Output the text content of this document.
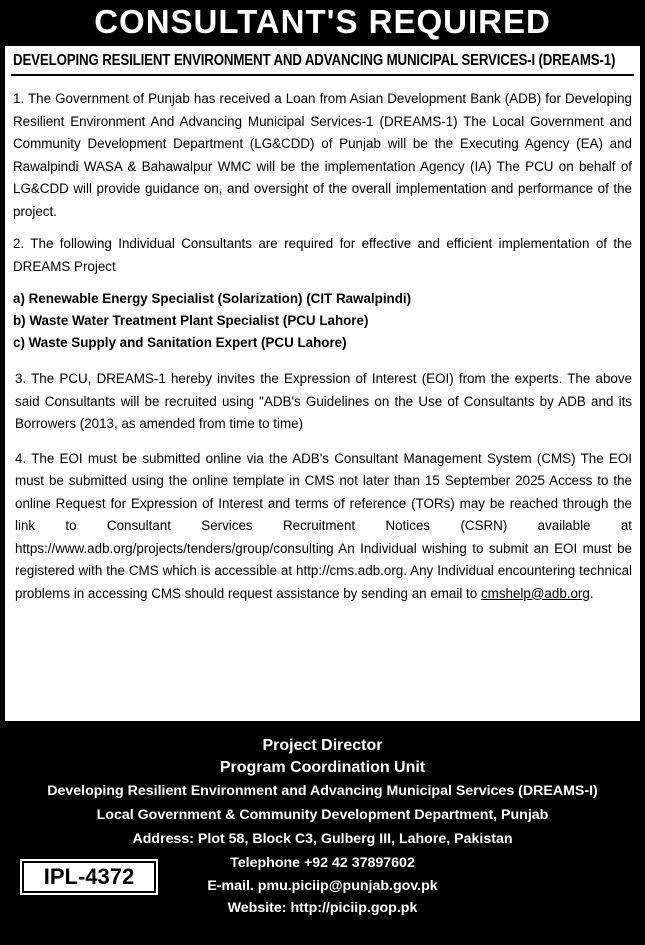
CONSULTANT'S REQUIRED
DEVELOPING RESILIENT ENVIRONMENT AND ADVANCING MUNICIPAL SERVICES-I (DREAMS-1)
1. The Government of Punjab has received a Loan from Asian Development Bank (ADB) for Developing Resilient Environment And Advancing Municipal Services-1 (DREAMS-1) The Local Government and Community Development Department (LG&CDD) of Punjab will be the Executing Agency (EA) and Rawalpindi WASA & Bahawalpur WMC will be the implementation Agency (IA) The PCU on behalf of LG&CDD will provide guidance on, and oversight of the overall implementation and performance of the project.
2. The following Individual Consultants are required for effective and efficient implementation of the DREAMS Project
a) Renewable Energy Specialist (Solarization) (CIT Rawalpindi)
b) Waste Water Treatment Plant Specialist (PCU Lahore)
c) Waste Supply and Sanitation Expert (PCU Lahore)
3. The PCU, DREAMS-1 hereby invites the Expression of Interest (EOI) from the experts. The above said Consultants will be recruited using "ADB's Guidelines on the Use of Consultants by ADB and its Borrowers (2013, as amended from time to time)
4. The EOI must be submitted online via the ADB's Consultant Management System (CMS) The EOI must be submitted using the online template in CMS not later than 15 September 2025 Access to the online Request for Expression of Interest and terms of reference (TORs) may be reached through the link to Consultant Services Recruitment Notices (CSRN) available at https://www.adb.org/projects/tenders/group/consulting An Individual wishing to submit an EOI must be registered with the CMS which is accessible at http://cms.adb.org. Any Individual encountering technical problems in accessing CMS should request assistance by sending an email to cmshelp@adb.org.
Project Director
Program Coordination Unit
Developing Resilient Environment and Advancing Municipal Services (DREAMS-I)
Local Government & Community Development Department, Punjab
Address: Plot 58, Block C3, Gulberg III, Lahore, Pakistan
Telephone +92 42 37897602
E-mail. pmu.piciip@punjab.gov.pk
Website: http://piciip.gop.pk
IPL-4372
